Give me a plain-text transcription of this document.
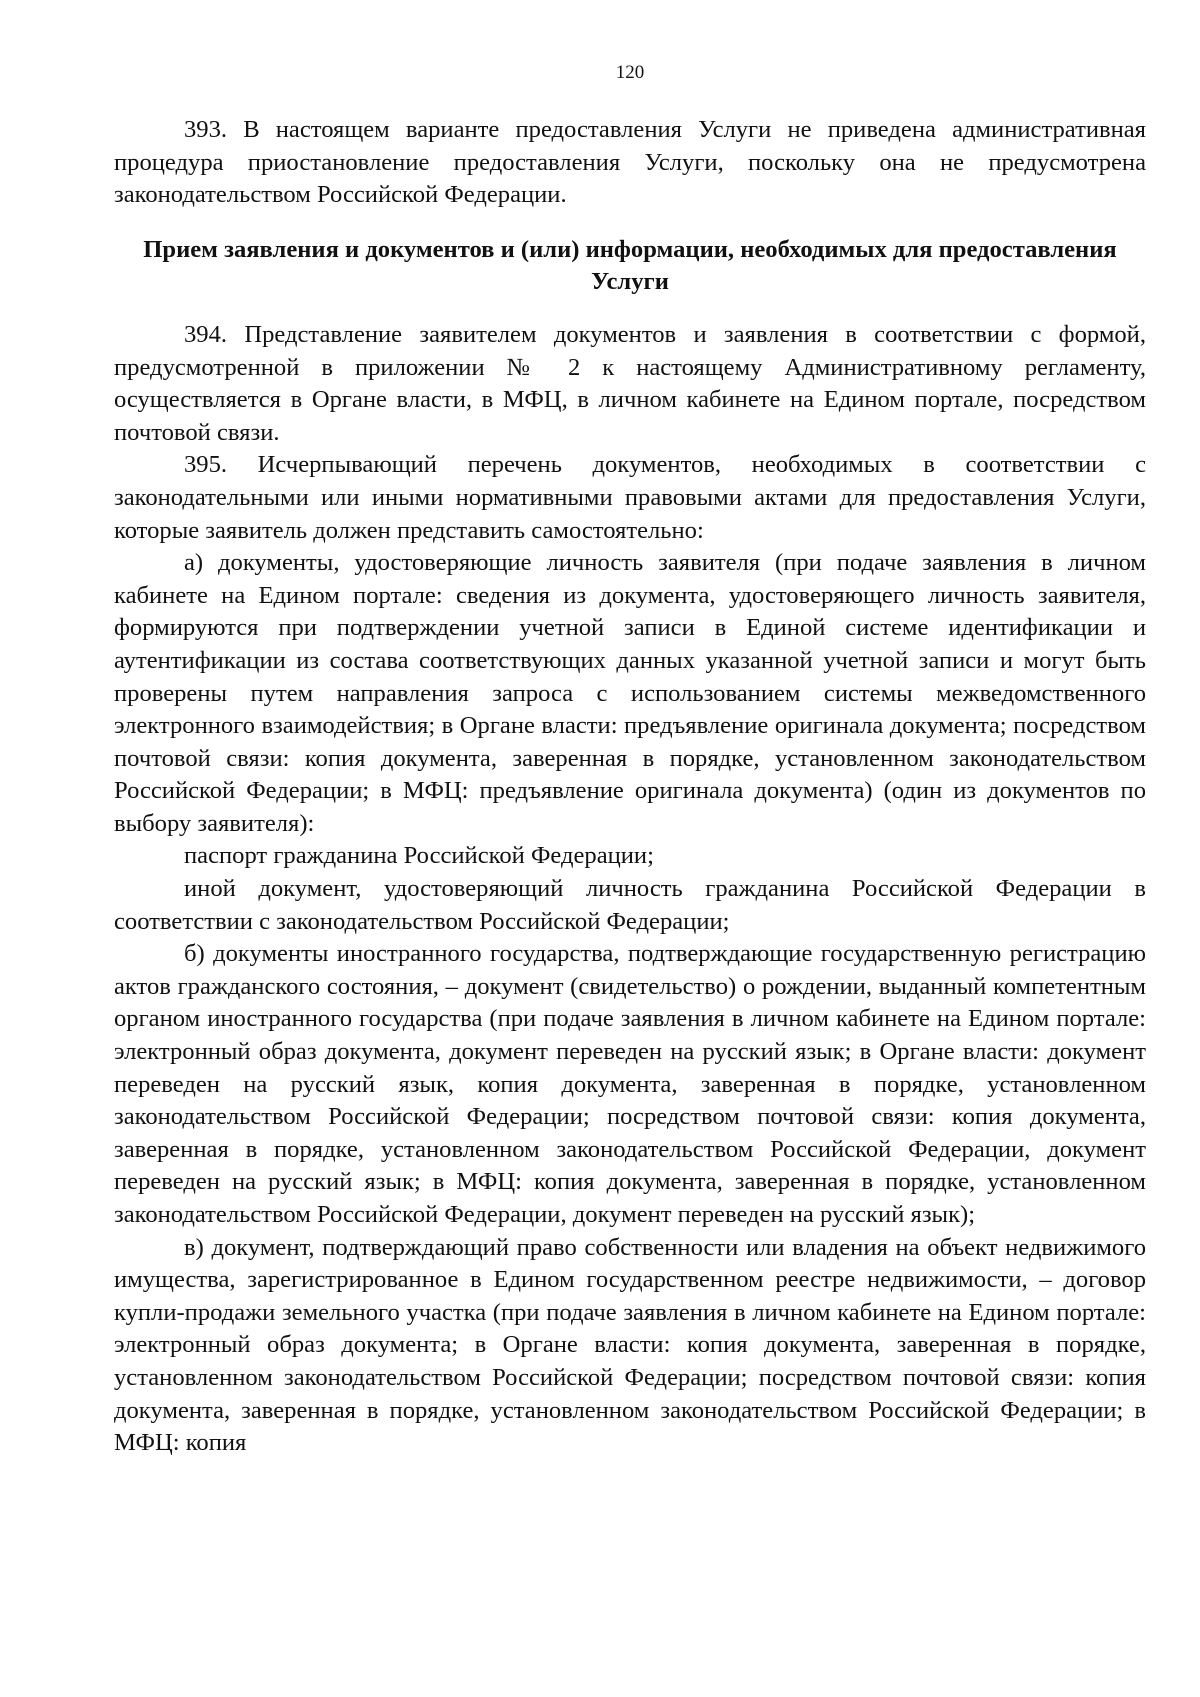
120

393. В настоящем варианте предоставления Услуги не приведена административная процедура приостановление предоставления Услуги, поскольку она не предусмотрена законодательством Российской Федерации.

Прием заявления и документов и (или) информации, необходимых для предоставления Услуги

394. Представление заявителем документов и заявления в соответствии с формой, предусмотренной в приложении № 2 к настоящему Административному регламенту, осуществляется в Органе власти, в МФЦ, в личном кабинете на Едином портале, посредством почтовой связи.

395. Исчерпывающий перечень документов, необходимых в соответствии с законодательными или иными нормативными правовыми актами для предоставления Услуги, которые заявитель должен представить самостоятельно:

а) документы, удостоверяющие личность заявителя (при подаче заявления в личном кабинете на Едином портале: сведения из документа, удостоверяющего личность заявителя, формируются при подтверждении учетной записи в Единой системе идентификации и аутентификации из состава соответствующих данных указанной учетной записи и могут быть проверены путем направления запроса с использованием системы межведомственного электронного взаимодействия; в Органе власти: предъявление оригинала документа; посредством почтовой связи: копия документа, заверенная в порядке, установленном законодательством Российской Федерации; в МФЦ: предъявление оригинала документа) (один из документов по выбору заявителя):

паспорт гражданина Российской Федерации;

иной документ, удостоверяющий личность гражданина Российской Федерации в соответствии с законодательством Российской Федерации;

б) документы иностранного государства, подтверждающие государственную регистрацию актов гражданского состояния, – документ (свидетельство) о рождении, выданный компетентным органом иностранного государства (при подаче заявления в личном кабинете на Едином портале: электронный образ документа, документ переведен на русский язык; в Органе власти: документ переведен на русский язык, копия документа, заверенная в порядке, установленном законодательством Российской Федерации; посредством почтовой связи: копия документа, заверенная в порядке, установленном законодательством Российской Федерации, документ переведен на русский язык; в МФЦ: копия документа, заверенная в порядке, установленном законодательством Российской Федерации, документ переведен на русский язык);

в) документ, подтверждающий право собственности или владения на объект недвижимого имущества, зарегистрированное в Едином государственном реестре недвижимости, – договор купли-продажи земельного участка (при подаче заявления в личном кабинете на Едином портале: электронный образ документа; в Органе власти: копия документа, заверенная в порядке, установленном законодательством Российской Федерации; посредством почтовой связи: копия документа, заверенная в порядке, установленном законодательством Российской Федерации; в МФЦ: копия
